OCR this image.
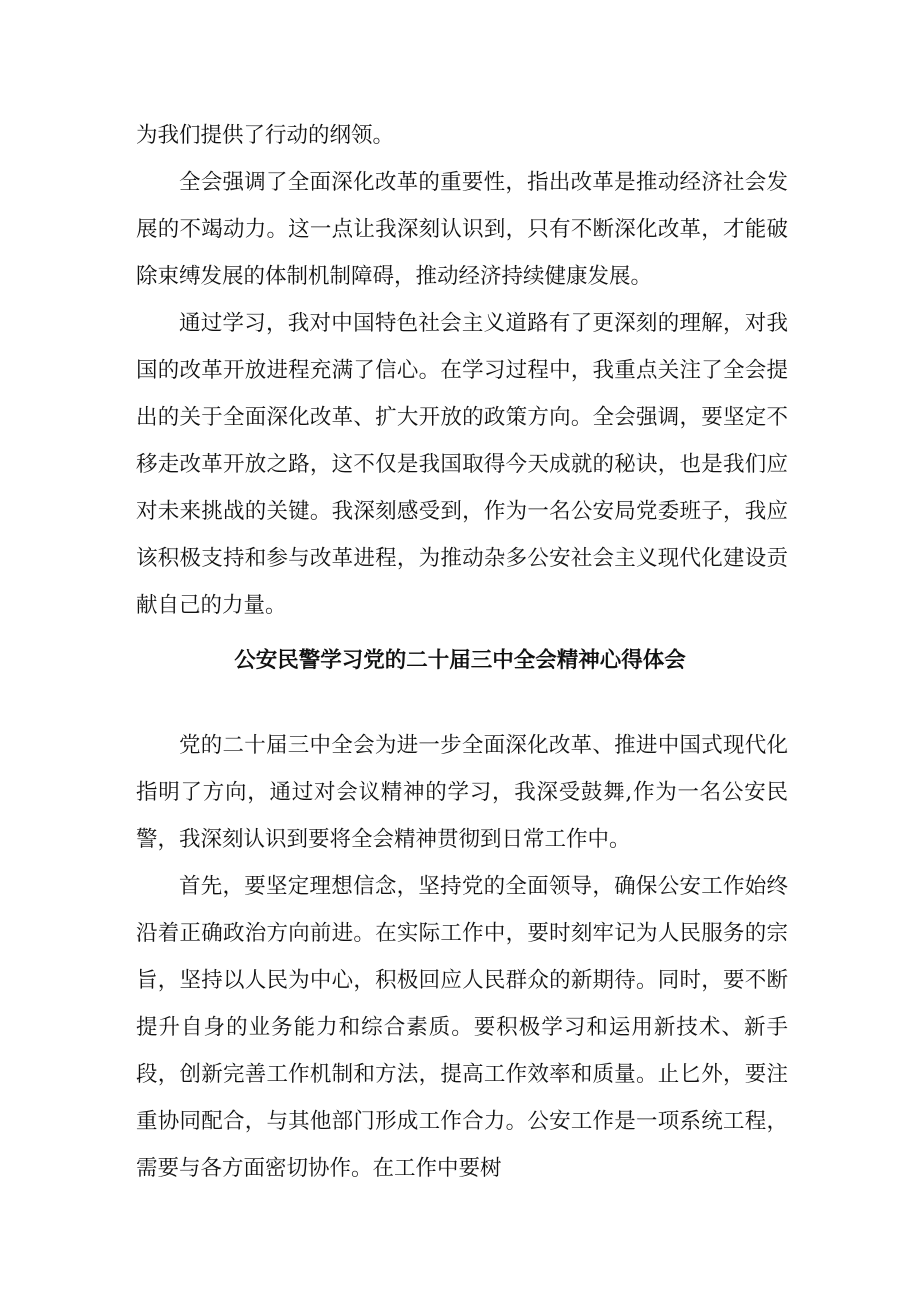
为我们提供了行动的纲领。

全会强调了全面深化改革的重要性，指出改革是推动经济社会发展的不竭动力。这一点让我深刻认识到，只有不断深化改革，才能破除束缚发展的体制机制障碍，推动经济持续健康发展。

通过学习，我对中国特色社会主义道路有了更深刻的理解，对我国的改革开放进程充满了信心。在学习过程中，我重点关注了全会提出的关于全面深化改革、扩大开放的政策方向。全会强调，要坚定不移走改革开放之路，这不仅是我国取得今天成就的秘诀，也是我们应对未来挑战的关键。我深刻感受到，作为一名公安局党委班子，我应该积极支持和参与改革进程，为推动杂多公安社会主义现代化建设贡献自己的力量。

公安民警学习党的二十届三中全会精神心得体会

党的二十届三中全会为进一步全面深化改革、推进中国式现代化指明了方向，通过对会议精神的学习，我深受鼓舞,作为一名公安民警，我深刻认识到要将全会精神贯彻到日常工作中。

首先，要坚定理想信念，坚持党的全面领导，确保公安工作始终沿着正确政治方向前进。在实际工作中，要时刻牢记为人民服务的宗旨，坚持以人民为中心，积极回应人民群众的新期待。同时，要不断提升自身的业务能力和综合素质。要积极学习和运用新技术、新手段，创新完善工作机制和方法，提高工作效率和质量。止匕外，要注重协同配合，与其他部门形成工作合力。公安工作是一项系统工程，需要与各方面密切协作。在工作中要树
